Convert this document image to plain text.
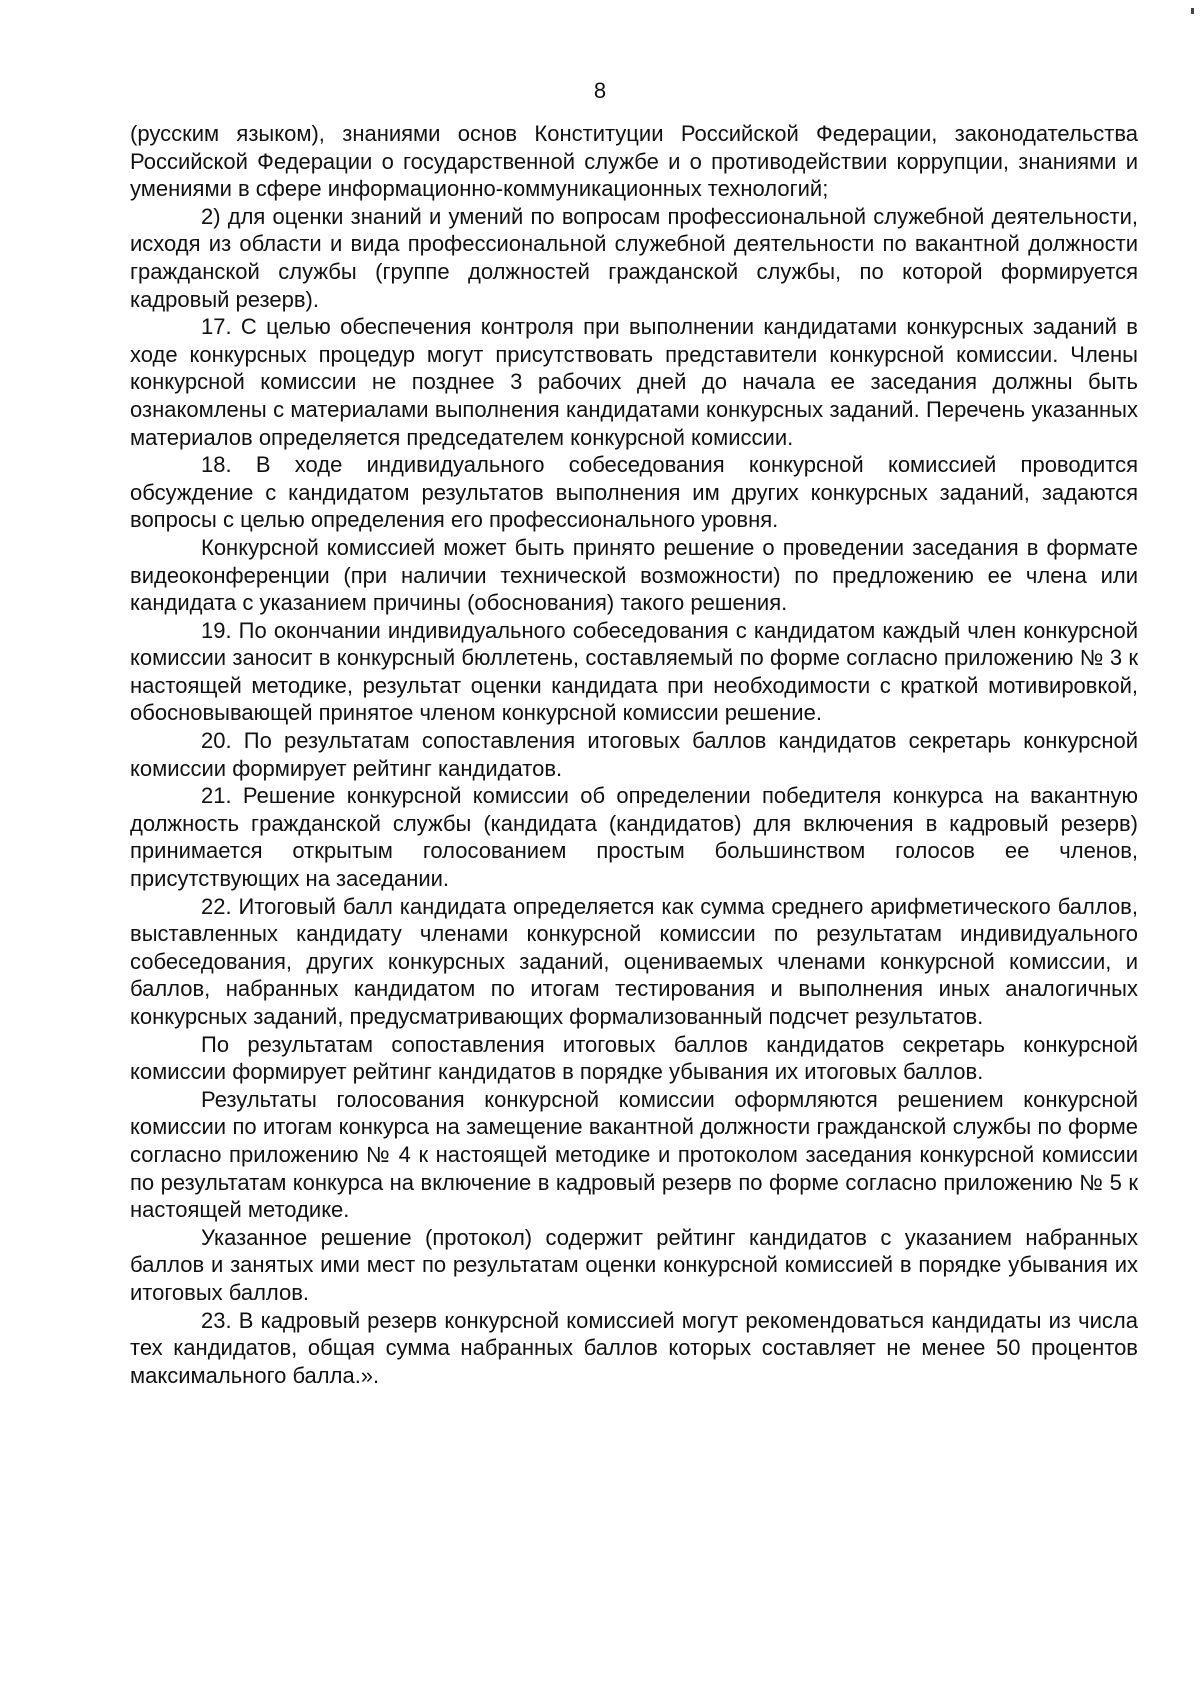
8

(русским языком), знаниями основ Конституции Российской Федерации, законодательства Российской Федерации о государственной службе и о противодействии коррупции, знаниями и умениями в сфере информационно-коммуникационных технологий;

2) для оценки знаний и умений по вопросам профессиональной служебной деятельности, исходя из области и вида профессиональной служебной деятельности по вакантной должности гражданской службы (группе должностей гражданской службы, по которой формируется кадровый резерв).

17. С целью обеспечения контроля при выполнении кандидатами конкурсных заданий в ходе конкурсных процедур могут присутствовать представители конкурсной комиссии. Члены конкурсной комиссии не позднее 3 рабочих дней до начала ее заседания должны быть ознакомлены с материалами выполнения кандидатами конкурсных заданий. Перечень указанных материалов определяется председателем конкурсной комиссии.

18. В ходе индивидуального собеседования конкурсной комиссией проводится обсуждение с кандидатом результатов выполнения им других конкурсных заданий, задаются вопросы с целью определения его профессионального уровня.

Конкурсной комиссией может быть принято решение о проведении заседания в формате видеоконференции (при наличии технической возможности) по предложению ее члена или кандидата с указанием причины (обоснования) такого решения.

19. По окончании индивидуального собеседования с кандидатом каждый член конкурсной комиссии заносит в конкурсный бюллетень, составляемый по форме согласно приложению № 3 к настоящей методике, результат оценки кандидата при необходимости с краткой мотивировкой, обосновывающей принятое членом конкурсной комиссии решение.

20. По результатам сопоставления итоговых баллов кандидатов секретарь конкурсной комиссии формирует рейтинг кандидатов.

21. Решение конкурсной комиссии об определении победителя конкурса на вакантную должность гражданской службы (кандидата (кандидатов) для включения в кадровый резерв) принимается открытым голосованием простым большинством голосов ее членов, присутствующих на заседании.

22. Итоговый балл кандидата определяется как сумма среднего арифметического баллов, выставленных кандидату членами конкурсной комиссии по результатам индивидуального собеседования, других конкурсных заданий, оцениваемых членами конкурсной комиссии, и баллов, набранных кандидатом по итогам тестирования и выполнения иных аналогичных конкурсных заданий, предусматривающих формализованный подсчет результатов.

По результатам сопоставления итоговых баллов кандидатов секретарь конкурсной комиссии формирует рейтинг кандидатов в порядке убывания их итоговых баллов.

Результаты голосования конкурсной комиссии оформляются решением конкурсной комиссии по итогам конкурса на замещение вакантной должности гражданской службы по форме согласно приложению № 4 к настоящей методике и протоколом заседания конкурсной комиссии по результатам конкурса на включение в кадровый резерв по форме согласно приложению № 5 к настоящей методике.

Указанное решение (протокол) содержит рейтинг кандидатов с указанием набранных баллов и занятых ими мест по результатам оценки конкурсной комиссией в порядке убывания их итоговых баллов.

23. В кадровый резерв конкурсной комиссией могут рекомендоваться кандидаты из числа тех кандидатов, общая сумма набранных баллов которых составляет не менее 50 процентов максимального балла.».
